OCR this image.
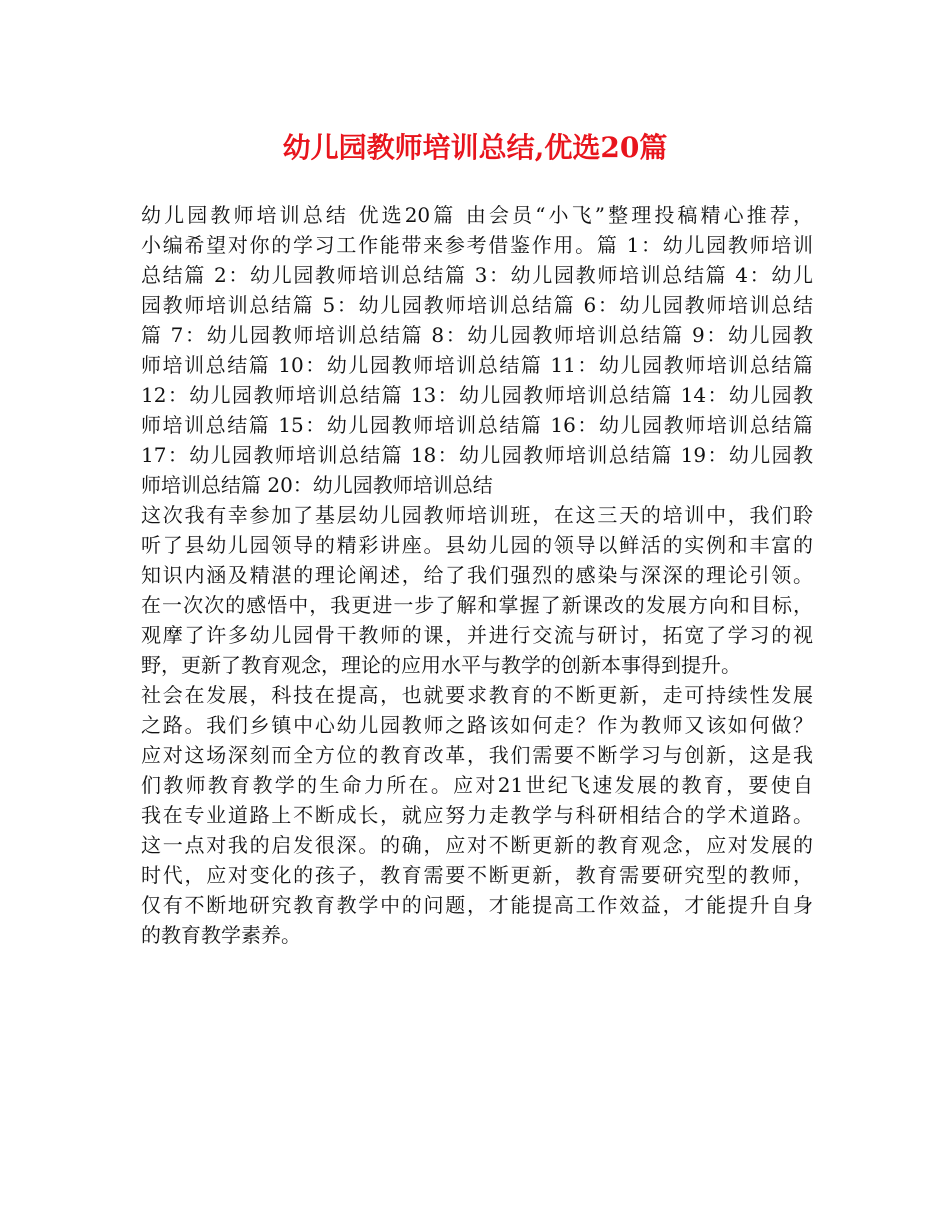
幼儿园教师培训总结,优选20篇
幼儿园教师培训总结 优选20篇 由会员“小飞”整理投稿精心推荐，
小编希望对你的学习工作能带来参考借鉴作用。篇 1：幼儿园教师培训
总结篇 2：幼儿园教师培训总结篇 3：幼儿园教师培训总结篇 4：幼儿
园教师培训总结篇 5：幼儿园教师培训总结篇 6：幼儿园教师培训总结
篇 7：幼儿园教师培训总结篇 8：幼儿园教师培训总结篇 9：幼儿园教
师培训总结篇 10：幼儿园教师培训总结篇 11：幼儿园教师培训总结篇
12：幼儿园教师培训总结篇 13：幼儿园教师培训总结篇 14：幼儿园教
师培训总结篇 15：幼儿园教师培训总结篇 16：幼儿园教师培训总结篇
17：幼儿园教师培训总结篇 18：幼儿园教师培训总结篇 19：幼儿园教
师培训总结篇 20：幼儿园教师培训总结
这次我有幸参加了基层幼儿园教师培训班，在这三天的培训中，我们聆
听了县幼儿园领导的精彩讲座。县幼儿园的领导以鲜活的实例和丰富的
知识内涵及精湛的理论阐述，给了我们强烈的感染与深深的理论引领。
在一次次的感悟中，我更进一步了解和掌握了新课改的发展方向和目标，
观摩了许多幼儿园骨干教师的课，并进行交流与研讨，拓宽了学习的视
野，更新了教育观念，理论的应用水平与教学的创新本事得到提升。
社会在发展，科技在提高，也就要求教育的不断更新，走可持续性发展
之路。我们乡镇中心幼儿园教师之路该如何走？作为教师又该如何做？
应对这场深刻而全方位的教育改革，我们需要不断学习与创新，这是我
们教师教育教学的生命力所在。应对21世纪飞速发展的教育，要使自
我在专业道路上不断成长，就应努力走教学与科研相结合的学术道路。
这一点对我的启发很深。的确，应对不断更新的教育观念，应对发展的
时代，应对变化的孩子，教育需要不断更新，教育需要研究型的教师，
仅有不断地研究教育教学中的问题，才能提高工作效益，才能提升自身
的教育教学素养。
